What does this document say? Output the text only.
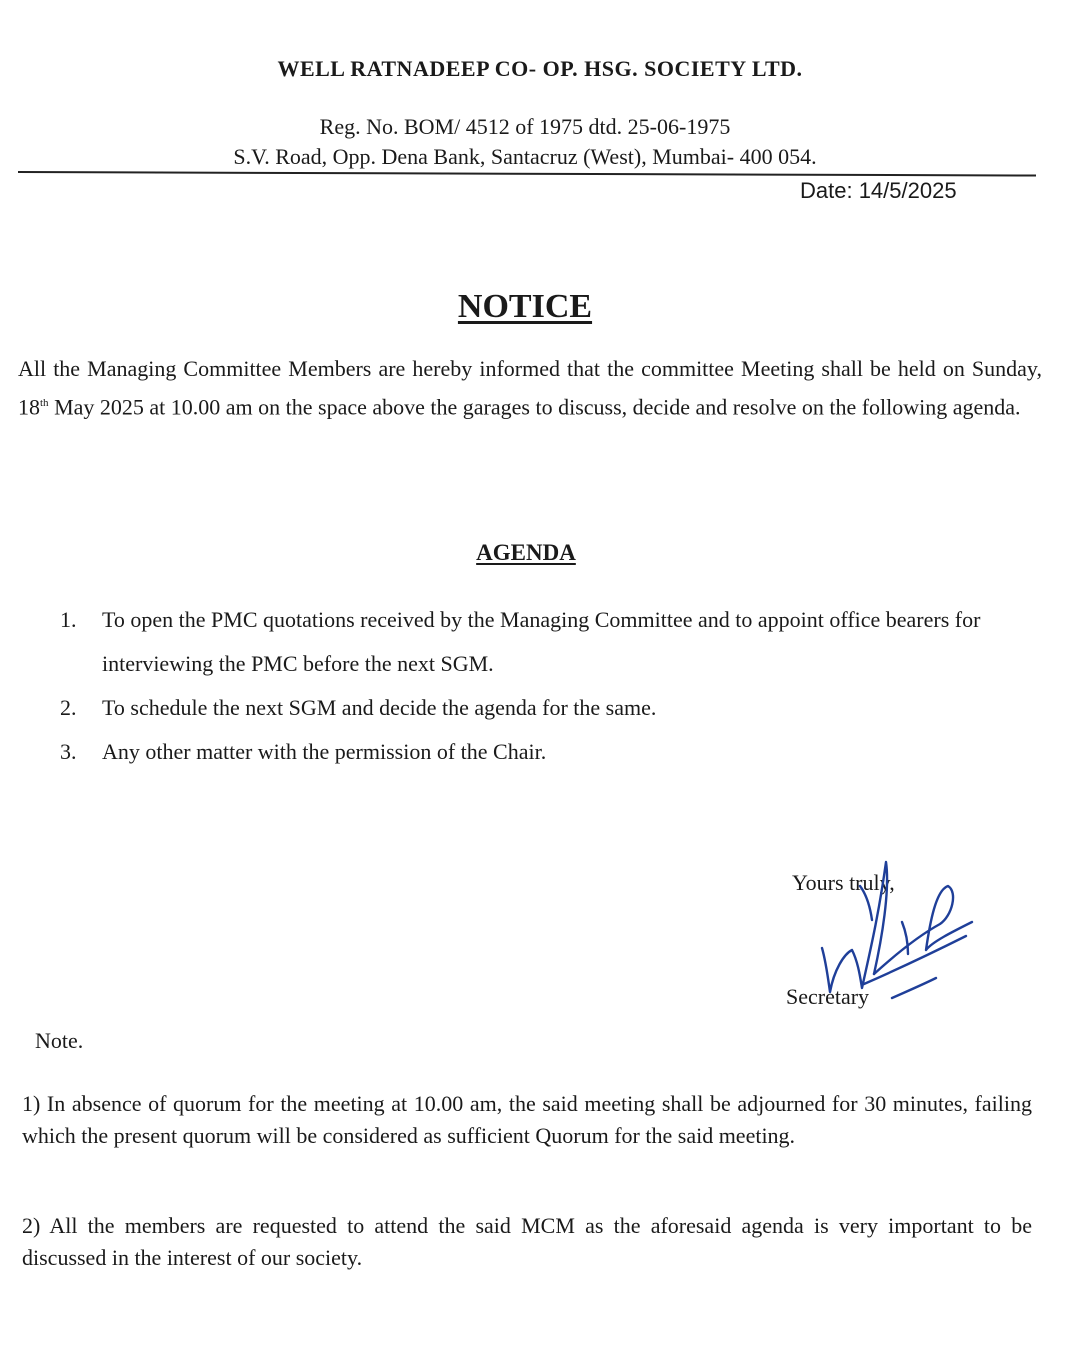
WELL RATNADEEP CO- OP. HSG. SOCIETY LTD.
Reg. No. BOM/ 4512 of 1975 dtd. 25-06-1975
S.V. Road, Opp. Dena Bank, Santacruz (West), Mumbai- 400 054.
Date: 14/5/2025
NOTICE
All the Managing Committee Members are hereby informed that the committee Meeting shall be held on Sunday, 18th May 2025 at 10.00 am on the space above the garages to discuss, decide and resolve on the following agenda.
AGENDA
1.	To open the PMC quotations received by the Managing Committee and to appoint office bearers for interviewing the PMC before the next SGM.
2.	To schedule the next SGM and decide the agenda for the same.
3.	Any other matter with the permission of the Chair.
Yours truly,
Secretary
Note.
1) In absence of quorum for the meeting at 10.00 am, the said meeting shall be adjourned for 30 minutes, failing which the present quorum will be considered as sufficient Quorum for the said meeting.
2) All the members are requested to attend the said MCM as the aforesaid agenda is very important to be discussed in the interest of our society.
